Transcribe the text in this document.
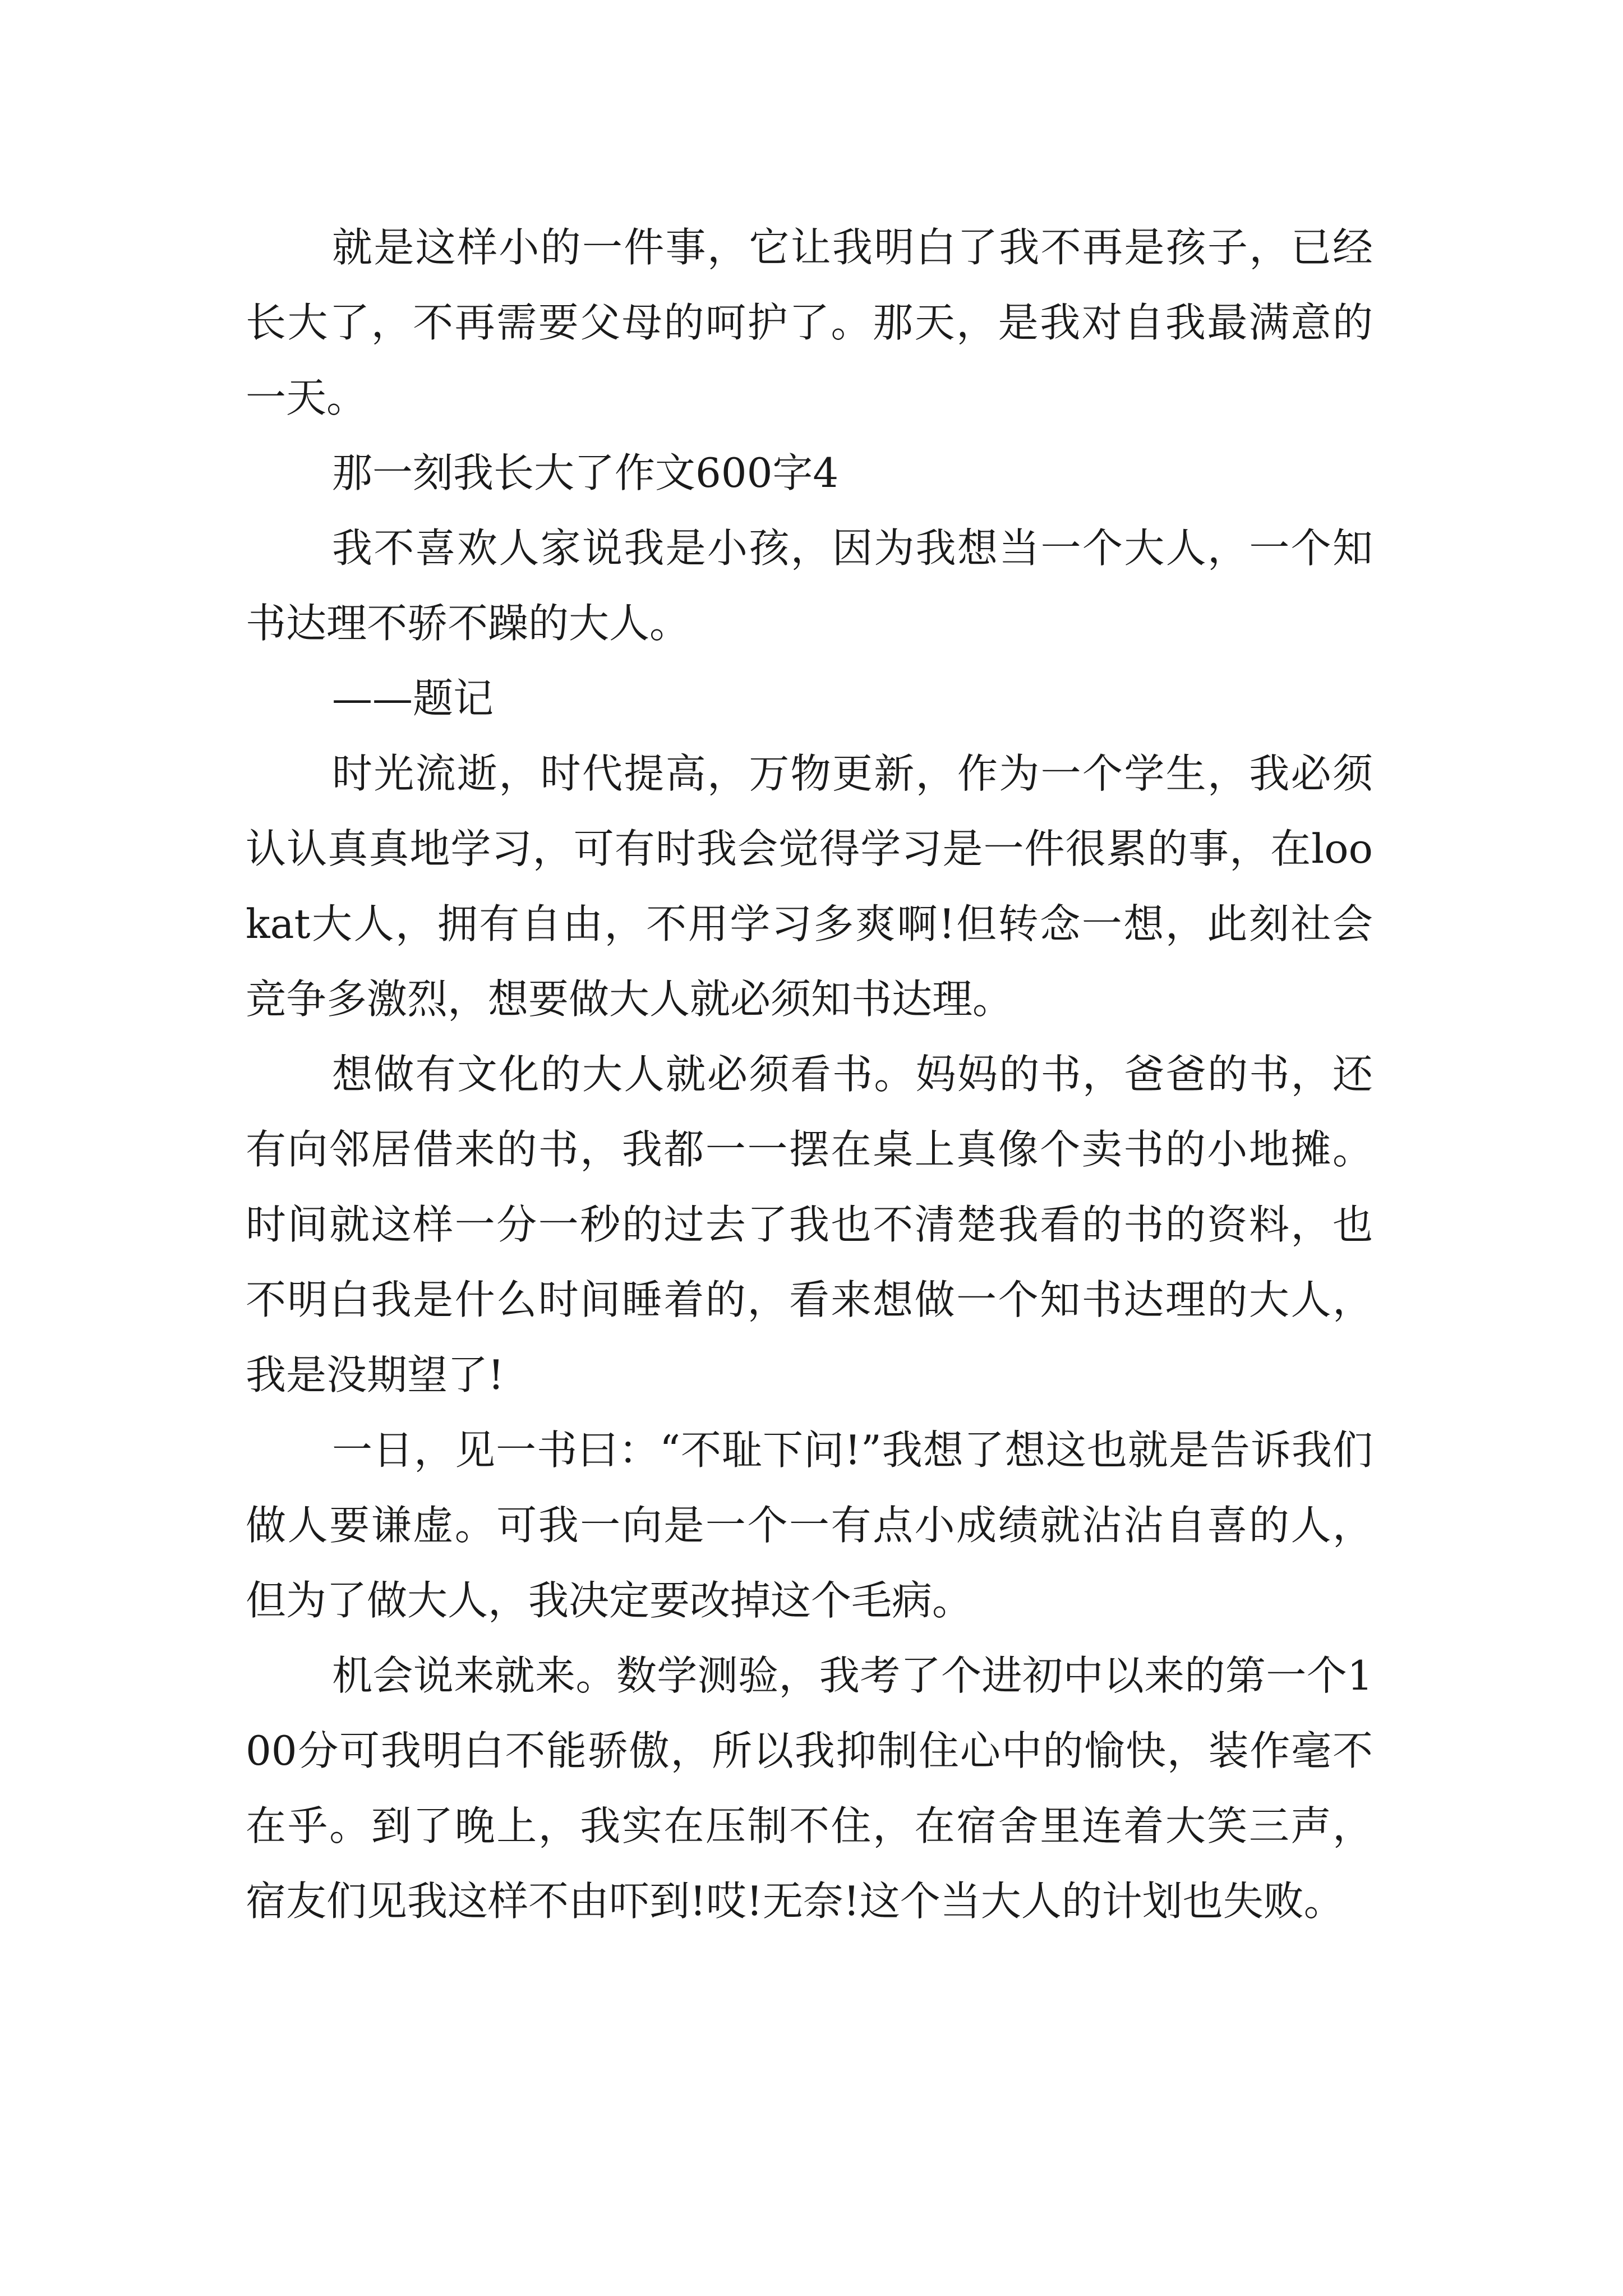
就是这样小的一件事，它让我明白了我不再是孩子，已经长大了，不再需要父母的呵护了。那天，是我对自我最满意的一天。

那一刻我长大了作文600字4

我不喜欢人家说我是小孩，因为我想当一个大人，一个知书达理不骄不躁的大人。

——题记

时光流逝，时代提高，万物更新，作为一个学生，我必须认认真真地学习，可有时我会觉得学习是一件很累的事，在lookat大人，拥有自由，不用学习多爽啊!但转念一想，此刻社会竞争多激烈，想要做大人就必须知书达理。

想做有文化的大人就必须看书。妈妈的书，爸爸的书，还有向邻居借来的书，我都一一摆在桌上真像个卖书的小地摊。时间就这样一分一秒的过去了我也不清楚我看的书的资料，也不明白我是什么时间睡着的，看来想做一个知书达理的大人，我是没期望了!

一日，见一书曰：“不耻下问!”我想了想这也就是告诉我们做人要谦虚。可我一向是一个一有点小成绩就沾沾自喜的人，但为了做大人，我决定要改掉这个毛病。

机会说来就来。数学测验，我考了个进初中以来的第一个100分可我明白不能骄傲，所以我抑制住心中的愉快，装作毫不在乎。到了晚上，我实在压制不住，在宿舍里连着大笑三声，宿友们见我这样不由吓到!哎!无奈!这个当大人的计划也失败。
